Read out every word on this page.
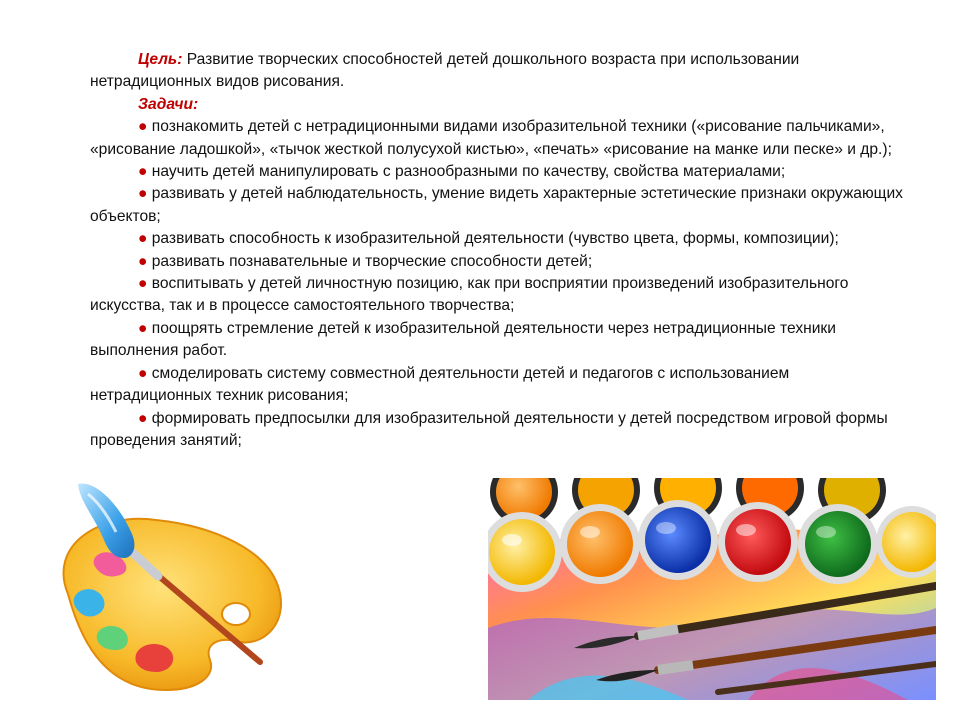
Цель: Развитие творческих способностей детей дошкольного возраста при использовании нетрадиционных видов рисования.

Задачи:

● познакомить детей с нетрадиционными видами изобразительной техники («рисование пальчиками», «рисование ладошкой», «тычок жесткой полусухой кистью», «печать» «рисование на манке или песке» и др.);

● научить детей манипулировать с разнообразными по качеству, свойства материалами;

● развивать у детей наблюдательность, умение видеть характерные эстетические признаки окружающих объектов;

● развивать способность к изобразительной деятельности (чувство цвета, формы, композиции);

● развивать познавательные и творческие способности детей;

● воспитывать у детей личностную позицию, как при восприятии произведений изобразительного искусства, так и в процессе самостоятельного творчества;

● поощрять стремление детей к изобразительной деятельности через нетрадиционные техники выполнения работ.

● смоделировать систему совместной деятельности детей и педагогов с использованием нетрадиционных техник рисования;

● формировать предпосылки для изобразительной деятельности у детей посредством игровой формы проведения занятий;
